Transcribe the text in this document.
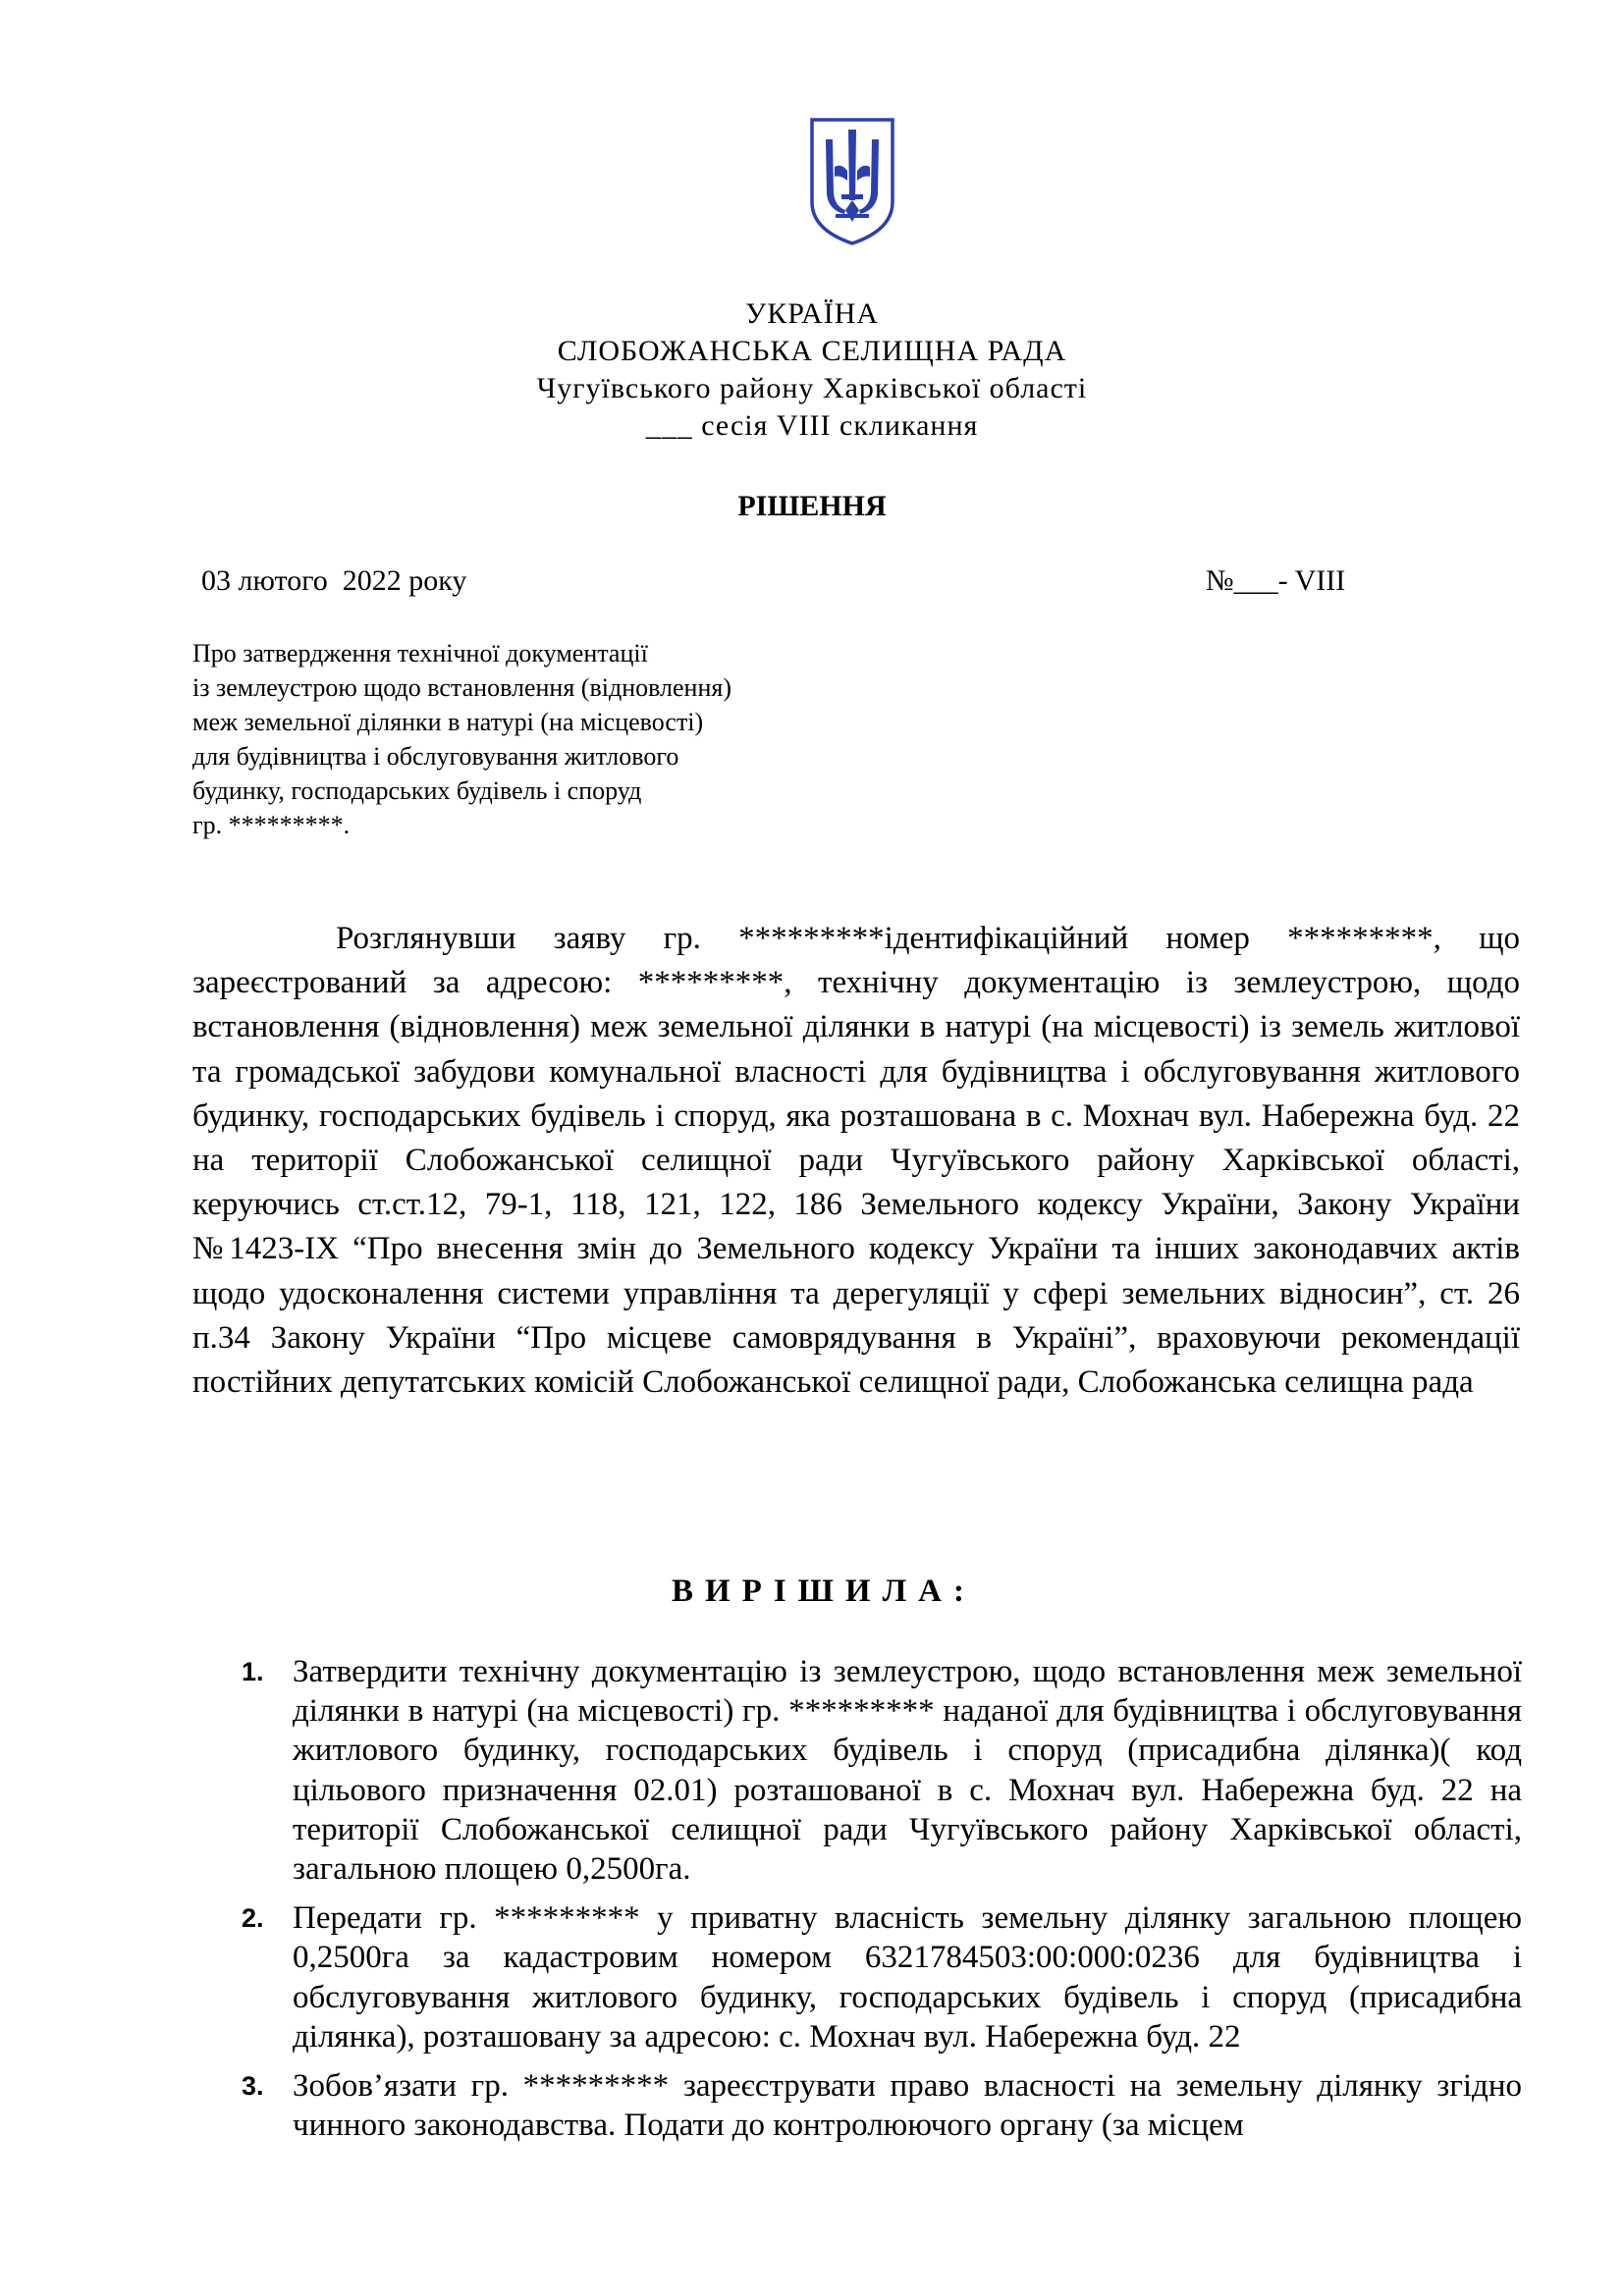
УКРАЇНА
СЛОБОЖАНСЬКА СЕЛИЩНА РАДА
Чугуївського району Харківської області
___ сесія VIII скликання
РІШЕННЯ
03 лютого  2022 року	№___- VIII
Про затвердження технічної документації
із землеустрою щодо встановлення (відновлення)
меж земельної ділянки в натурі (на місцевості)
для будівництва і обслуговування житлового
будинку, господарських будівель і споруд
гр. *********.
Розглянувши заяву гр. *********ідентифікаційний номер *********, що зареєстрований за адресою: *********, технічну документацію із землеустрою, щодо встановлення (відновлення) меж земельної ділянки в натурі (на місцевості) із земель житлової та громадської забудови комунальної власності для будівництва і обслуговування житлового будинку, господарських будівель і споруд, яка розташована в с. Мохнач вул. Набережна буд. 22 на території Слобожанської селищної ради Чугуївського району Харківської області, керуючись ст.ст.12, 79-1, 118, 121, 122, 186 Земельного кодексу України, Закону України №1423-IX “Про внесення змін до Земельного кодексу України та інших законодавчих актів щодо удосконалення системи управління та дерегуляції у сфері земельних відносин”, ст. 26 п.34 Закону України “Про місцеве самоврядування в Україні”, враховуючи рекомендації постійних депутатських комісій Слобожанської селищної ради, Слобожанська селищна рада
ВИРІШИЛА:
1. Затвердити технічну документацію із землеустрою, щодо встановлення меж земельної ділянки в натурі (на місцевості) гр. ********* наданої для будівництва і обслуговування житлового будинку, господарських будівель і споруд (присадибна ділянка)( код цільового призначення 02.01) розташованої в с. Мохнач вул. Набережна буд. 22 на території Слобожанської селищної ради Чугуївського району Харківської області, загальною площею 0,2500га.
2. Передати гр. ********* у приватну власність земельну ділянку загальною площею 0,2500га за кадастровим номером 6321784503:00:000:0236 для будівництва і обслуговування житлового будинку, господарських будівель і споруд (присадибна ділянка), розташовану за адресою: с. Мохнач вул. Набережна буд. 22
3. Зобов’язати гр. ********* зареєструвати право власності на земельну ділянку згідно чинного законодавства. Подати до контролюючого органу (за місцем
